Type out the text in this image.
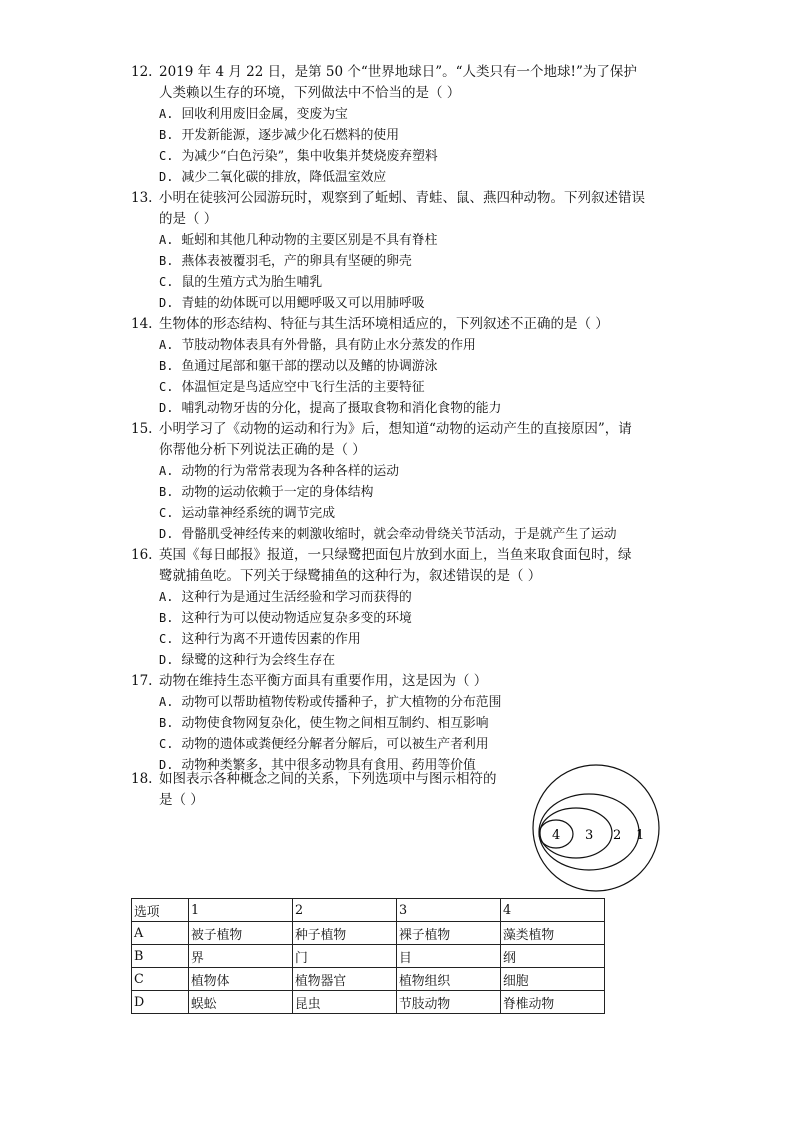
12. 2019 年 4 月 22 日，是第 50 个“世界地球日”。“人类只有一个地球!”为了保护
人类赖以生存的环境，下列做法中不恰当的是（ ）
A. 回收利用废旧金属，变废为宝
B. 开发新能源，逐步减少化石燃料的使用
C. 为减少“白色污染”，集中收集并焚烧废弃塑料
D. 减少二氧化碳的排放，降低温室效应
13. 小明在徒骇河公园游玩时，观察到了蚯蚓、青蛙、鼠、燕四种动物。下列叙述错误
的是（ ）
A. 蚯蚓和其他几种动物的主要区别是不具有脊柱
B. 燕体表被覆羽毛，产的卵具有坚硬的卵壳
C. 鼠的生殖方式为胎生哺乳
D. 青蛙的幼体既可以用鳃呼吸又可以用肺呼吸
14. 生物体的形态结构、特征与其生活环境相适应的，下列叙述不正确的是（ ）
A. 节肢动物体表具有外骨骼，具有防止水分蒸发的作用
B. 鱼通过尾部和躯干部的摆动以及鳍的协调游泳
C. 体温恒定是鸟适应空中飞行生活的主要特征
D. 哺乳动物牙齿的分化，提高了摄取食物和消化食物的能力
15. 小明学习了《动物的运动和行为》后，想知道“动物的运动产生的直接原因”，请
你帮他分析下列说法正确的是（ ）
A. 动物的行为常常表现为各种各样的运动
B. 动物的运动依赖于一定的身体结构
C. 运动靠神经系统的调节完成
D. 骨骼肌受神经传来的刺激收缩时，就会牵动骨绕关节活动，于是就产生了运动
16. 英国《每日邮报》报道，一只绿鹭把面包片放到水面上，当鱼来取食面包时，绿
鹭就捕鱼吃。下列关于绿鹭捕鱼的这种行为，叙述错误的是（ ）
A. 这种行为是通过生活经验和学习而获得的
B. 这种行为可以使动物适应复杂多变的环境
C. 这种行为离不开遗传因素的作用
D. 绿鹭的这种行为会终生存在
17. 动物在维持生态平衡方面具有重要作用，这是因为（ ）
A. 动物可以帮助植物传粉或传播种子，扩大植物的分布范围
B. 动物使食物网复杂化，使生物之间相互制约、相互影响
C. 动物的遗体或粪便经分解者分解后，可以被生产者利用
D. 动物种类繁多，其中很多动物具有食用、药用等价值
18. 如图表示各种概念之间的关系，下列选项中与图示相符的
是（ ）
4 3 2 1
选项	1	2	3	4
A	被子植物	种子植物	裸子植物	藻类植物
B	界	门	目	纲
C	植物体	植物器官	植物组织	细胞
D	蜈蚣	昆虫	节肢动物	脊椎动物
